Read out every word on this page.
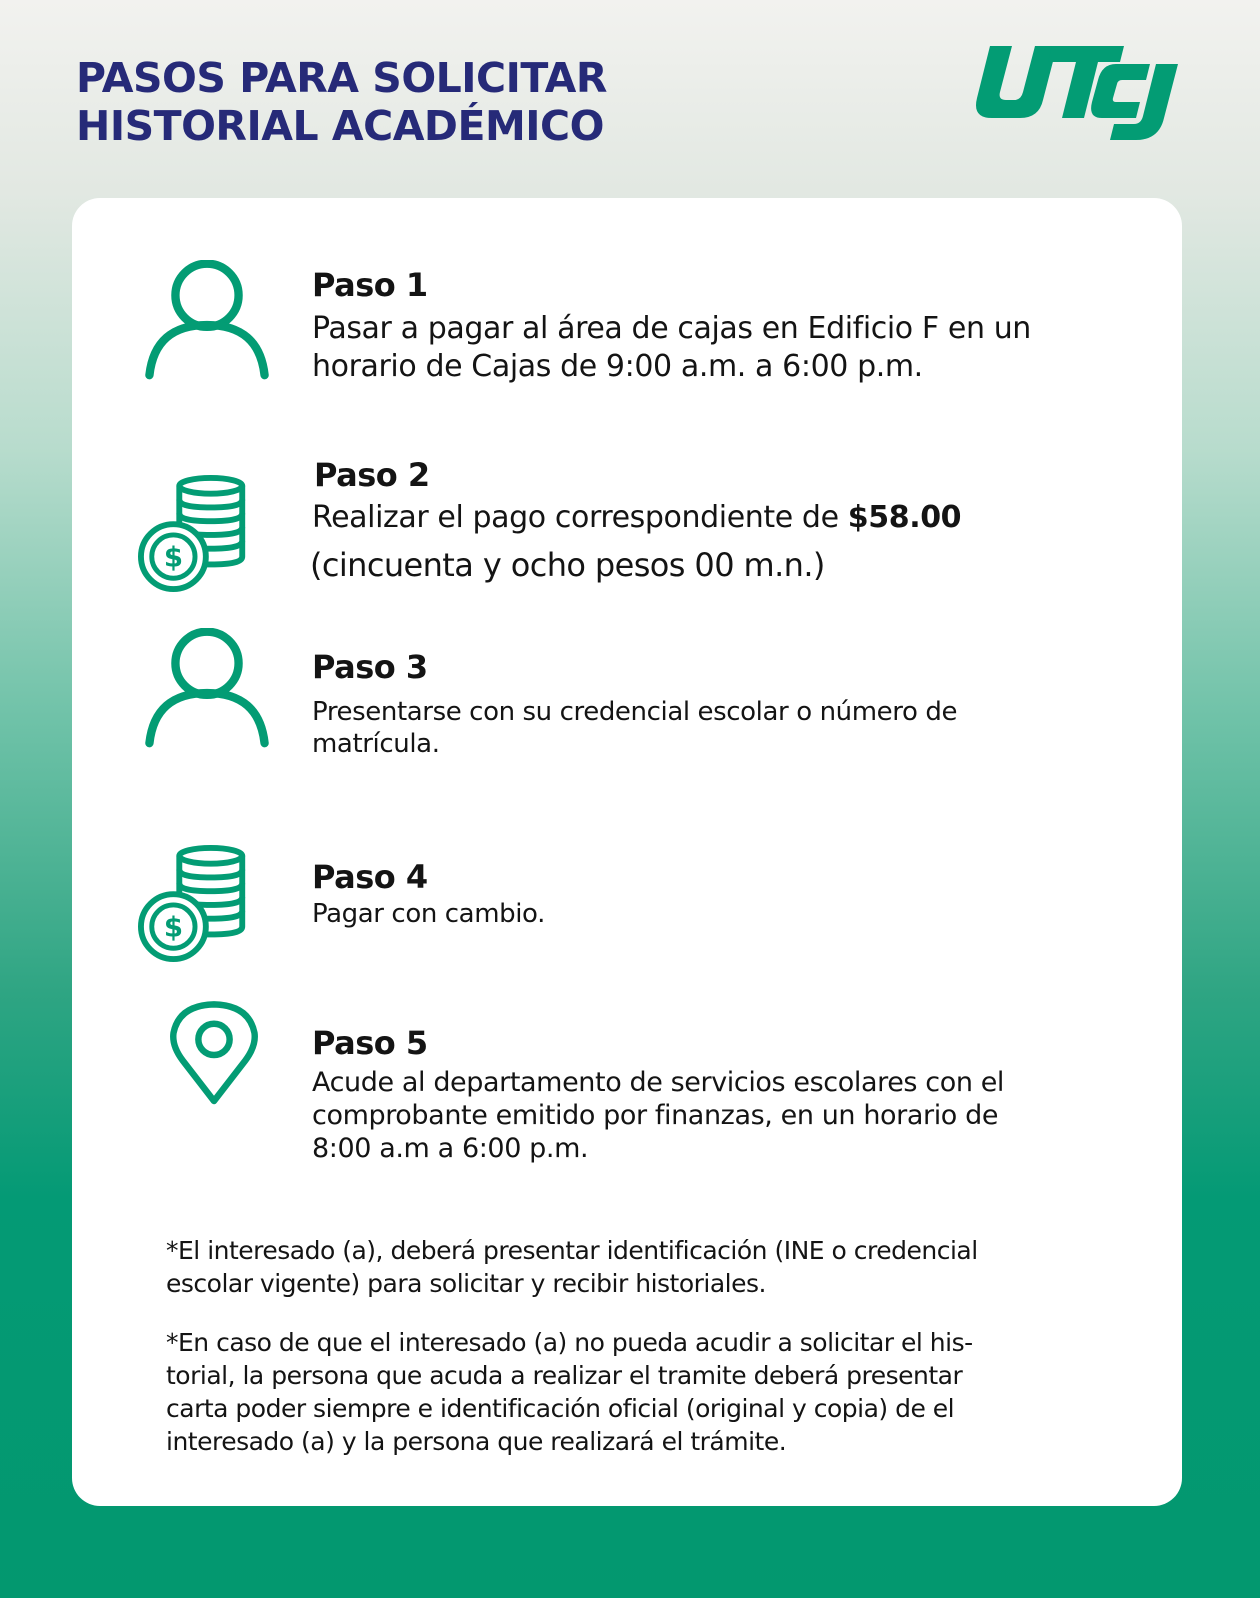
PASOS PARA SOLICITAR
HISTORIAL ACADÉMICO
Paso 1

Pasar a pagar al área de cajas en Edificio F en un
horario de Cajas de 9:00 a.m. a 6:00 p.m.

$
Paso 2

Realizar el pago correspondiente de $58.00

(cincuenta y ocho pesos 00 m.n.)

Paso 3

Presentarse con su credencial escolar o número de
matrícula.

$
Paso 4

Pagar con cambio.

Paso 5

Acude al departamento de servicios escolares con el
comprobante emitido por finanzas, en un horario de
8:00 a.m a 6:00 p.m.

*El interesado (a), deberá presentar identificación (INE o credencial
escolar vigente) para solicitar y recibir historiales.

*En caso de que el interesado (a) no pueda acudir a solicitar el his-
torial, la persona que acuda a realizar el tramite deberá presentar
carta poder siempre e identificación oficial (original y copia) de el
interesado (a) y la persona que realizará el trámite.
